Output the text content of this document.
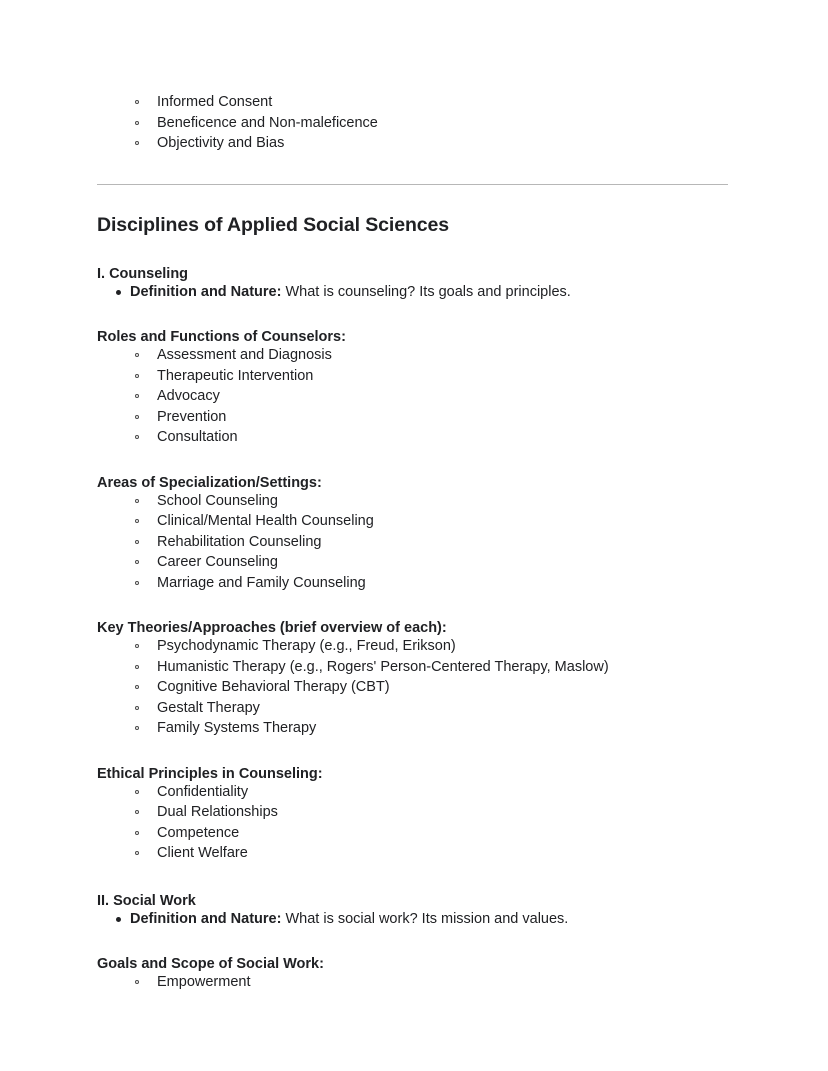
Informed Consent
Beneficence and Non-maleficence
Objectivity and Bias
Disciplines of Applied Social Sciences
I. Counseling
Definition and Nature: What is counseling? Its goals and principles.
Roles and Functions of Counselors:
Assessment and Diagnosis
Therapeutic Intervention
Advocacy
Prevention
Consultation
Areas of Specialization/Settings:
School Counseling
Clinical/Mental Health Counseling
Rehabilitation Counseling
Career Counseling
Marriage and Family Counseling
Key Theories/Approaches (brief overview of each):
Psychodynamic Therapy (e.g., Freud, Erikson)
Humanistic Therapy (e.g., Rogers' Person-Centered Therapy, Maslow)
Cognitive Behavioral Therapy (CBT)
Gestalt Therapy
Family Systems Therapy
Ethical Principles in Counseling:
Confidentiality
Dual Relationships
Competence
Client Welfare
II. Social Work
Definition and Nature: What is social work? Its mission and values.
Goals and Scope of Social Work:
Empowerment
